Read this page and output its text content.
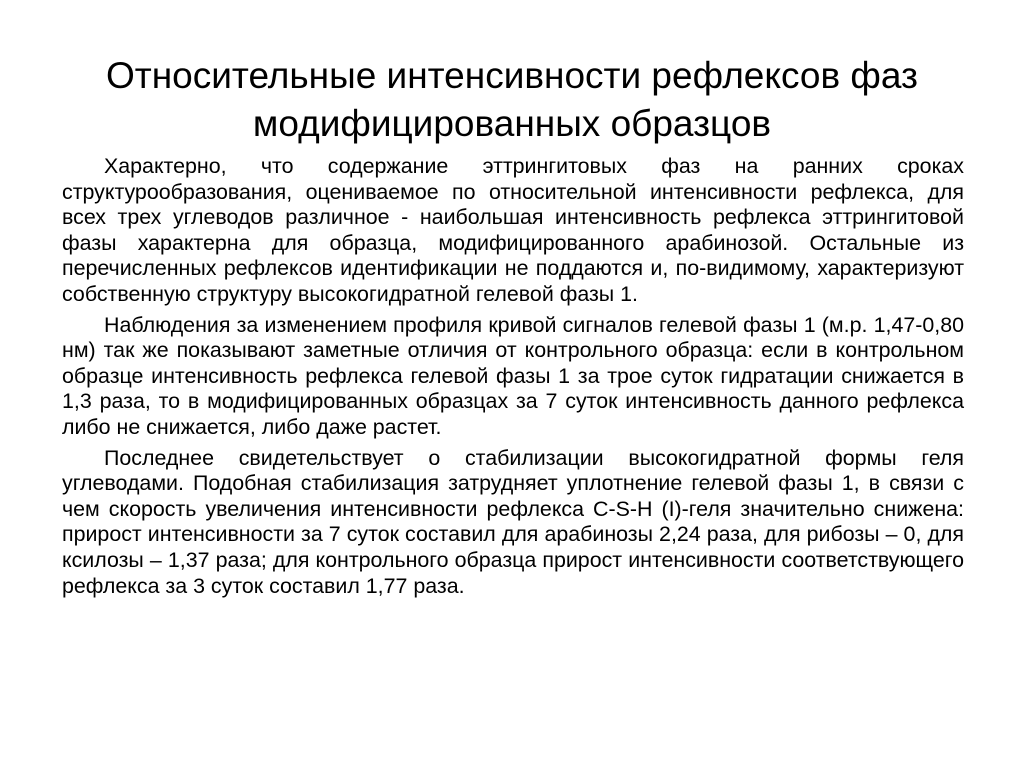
Относительные интенсивности рефлексов фаз модифицированных образцов

Характерно, что содержание эттрингитовых фаз на ранних сроках структурообразования, оцениваемое по относительной интенсивности рефлекса, для всех трех углеводов различное - наибольшая интенсивность рефлекса эттрингитовой фазы характерна для образца, модифицированного арабинозой. Остальные из перечисленных рефлексов идентификации не поддаются и, по-видимому, характеризуют собственную структуру высокогидратной гелевой фазы 1.

Наблюдения за изменением профиля кривой сигналов гелевой фазы 1 (м.р. 1,47-0,80 нм) так же показывают заметные отличия от контрольного образца: если в контрольном образце интенсивность рефлекса гелевой фазы 1 за трое суток гидратации снижается в 1,3 раза, то в модифицированных образцах за 7 суток интенсивность данного рефлекса либо не снижается, либо даже растет.

Последнее свидетельствует о стабилизации высокогидратной формы геля углеводами. Подобная стабилизация затрудняет уплотнение гелевой фазы 1, в связи с чем скорость увеличения интенсивности рефлекса С-S-H (I)-геля значительно снижена: прирост интенсивности за 7 суток составил для арабинозы 2,24 раза, для рибозы – 0, для ксилозы – 1,37 раза; для контрольного образца прирост интенсивности соответствующего рефлекса за 3 суток составил 1,77 раза.
